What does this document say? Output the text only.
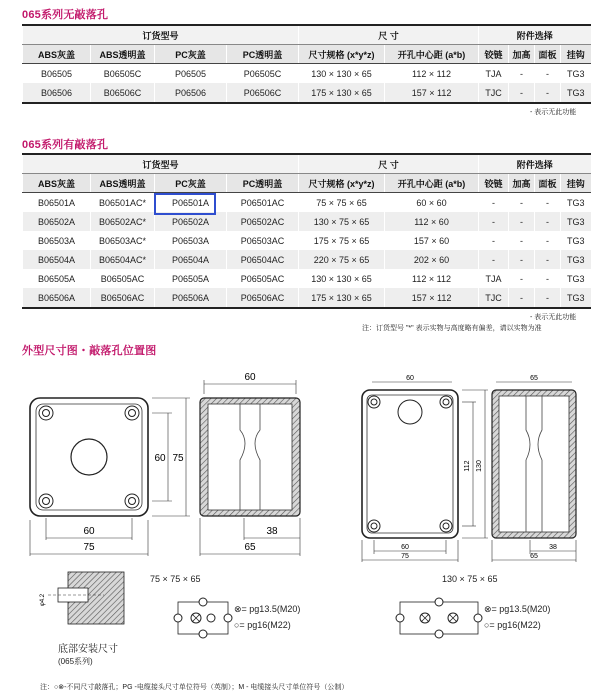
065系列无敲落孔
订货型号				尺 寸		附件选择			
ABS灰盖	ABS透明盖	PC灰盖	PC透明盖	尺寸规格 (x*y*z)	开孔中心距 (a*b)	铰链	加高	面板	挂钩
B06505	B06505C	P06505	P06505C	130 × 130 × 65	112 × 112	TJA	-	-	TG3
B06506	B06506C	P06506	P06506C	175 × 130 × 65	157 × 112	TJC	-	-	TG3
- 表示无此功能
065系列有敲落孔
订货型号				尺 寸		附件选择			
ABS灰盖	ABS透明盖	PC灰盖	PC透明盖	尺寸规格 (x*y*z)	开孔中心距 (a*b)	铰链	加高	面板	挂钩
B06501A	B06501AC*	P06501A	P06501AC	75 × 75 × 65	60 × 60	-	-	-	TG3
B06502A	B06502AC*	P06502A	P06502AC	130 × 75 × 65	112 × 60	-	-	-	TG3
B06503A	B06503AC*	P06503A	P06503AC	175 × 75 × 65	157 × 60	-	-	-	TG3
B06504A	B06504AC*	P06504A	P06504AC	220 × 75 × 65	202 × 60	-	-	-	TG3
B06505A	B06505AC	P06505A	P06505AC	130 × 130 × 65	112 × 112	TJA	-	-	TG3
B06506A	B06506AC	P06506A	P06506AC	175 × 130 × 65	157 × 112	TJC	-	-	TG3
- 表示无此功能
注：订货型号 "*" 表示实物与高度略有偏差，请以实物为准
外型尺寸图・敲落孔位置图
60
75
60 75
60
38
65
60
112 130
60
75
65
38
65
φ4.2
75 × 75 × 65	130 × 75 × 65
⊗= pg13.5(M20)
○= pg16(M22)
⊗= pg13.5(M20)
○= pg16(M22)
底部安装尺寸
(065系列)
注：○⊗-不同尺寸敲落孔；PG -电缆接头尺寸单位符号（英制）；M - 电缆接头尺寸单位符号（公制）
